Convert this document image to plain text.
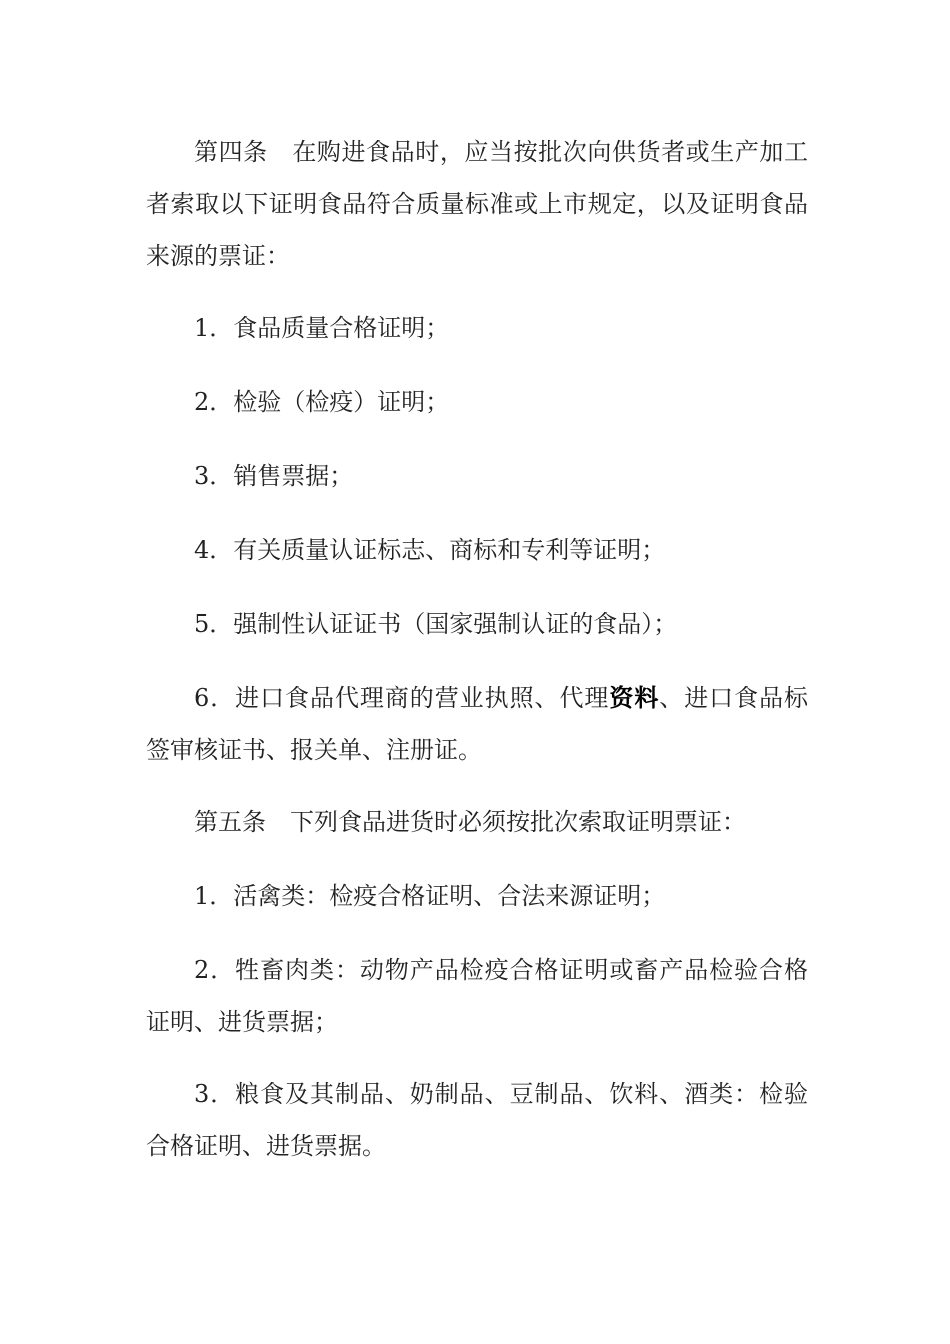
第四条　在购进食品时，应当按批次向供货者或生产加工者索取以下证明食品符合质量标准或上市规定，以及证明食品来源的票证：

1．食品质量合格证明；

2．检验（检疫）证明；

3．销售票据；

4．有关质量认证标志、商标和专利等证明；

5．强制性认证证书（国家强制认证的食品）；

6．进口食品代理商的营业执照、代理资料、进口食品标签审核证书、报关单、注册证。

第五条　下列食品进货时必须按批次索取证明票证：

1．活禽类：检疫合格证明、合法来源证明；

2．牲畜肉类：动物产品检疫合格证明或畜产品检验合格证明、进货票据；

3．粮食及其制品、奶制品、豆制品、饮料、酒类：检验合格证明、进货票据。
